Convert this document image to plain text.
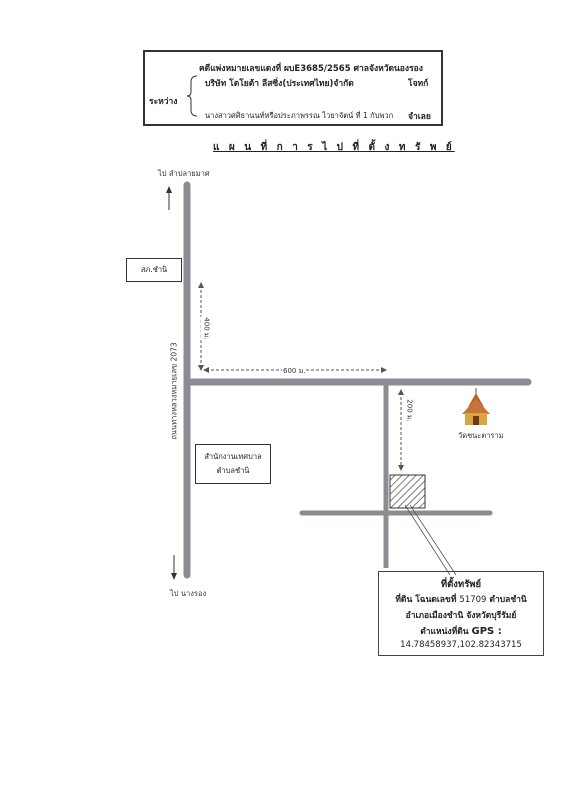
คดีแพ่งหมายเลขแดงที่ ผบE3685/2565 ศาลจังหวัดนองรอง
บริษัท โตโยต้า ลีสซิ่ง(ประเทศไทย)จำกัด	โจทก์
ระหว่าง
นางสาวศศิธานนท์หรือประภาพรรณ ไวยาจัตน์ ที่ 1 กับพวก จำเลย
แ ผ น ที่ ก า ร ไ ป ที่ ตั้ ง ท รั พ ย์
ไป ลำปลายมาศ
ไป นางรอง
ถนนทางหลวงหมายเลข 2073	วัดชนะตาราม
สภ.ชำนิ
สำนักงานเทศบาล
ตำบลชำนิ
400 ม.
600 ม.
200 ม.
ที่ตั้งทรัพย์
ที่ดิน โฉนดเลขที่ 51709 ตำบลชำนิ
อำเภอเมืองชำนิ จังหวัดบุรีรัมย์
ตำแหน่งที่ดิน GPS :
14.78458937,102.82343715
